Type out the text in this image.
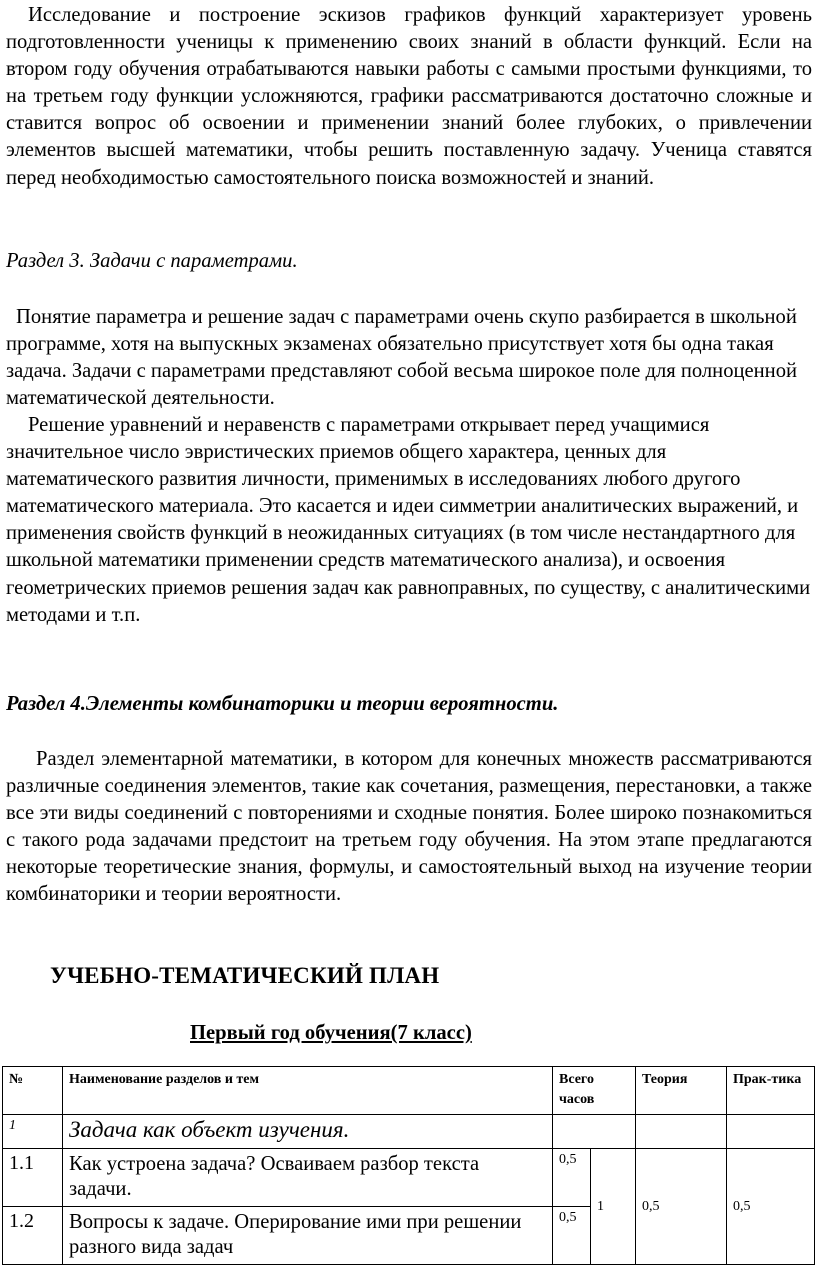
Исследование и построение эскизов графиков функций характеризует уровень подготовленности ученицы к применению своих знаний в области функций. Если на втором году обучения отрабатываются навыки работы с самыми простыми функциями, то на третьем году функции усложняются, графики рассматриваются достаточно сложные и ставится вопрос об освоении и применении знаний более глубоких, о привлечении элементов высшей математики, чтобы решить поставленную задачу. Ученица ставятся перед необходимостью самостоятельного поиска возможностей и знаний.

Раздел 3. Задачи с параметрами.

Понятие параметра и решение задач с параметрами очень скупо разбирается в школьной программе, хотя на выпускных экзаменах обязательно присутствует хотя бы одна такая задача. Задачи с параметрами представляют собой весьма широкое поле для полноценной математической деятельности.

Решение уравнений и неравенств с параметрами открывает перед учащимися значительное число эвристических приемов общего характера, ценных для математического развития личности, применимых в исследованиях любого другого математического материала. Это касается и идеи симметрии аналитических выражений, и применения свойств функций в неожиданных ситуациях (в том числе нестандартного для школьной математики применении средств математического анализа), и освоения геометрических приемов решения задач как равноправных, по существу, с аналитическими методами и т.п.

Раздел 4.Элементы комбинаторики и теории вероятности.

Раздел элементарной математики, в котором для конечных множеств рассматриваются различные соединения элементов, такие как сочетания, размещения, перестановки, а также все эти виды соединений с повторениями и сходные понятия. Более широко познакомиться с такого рода задачами предстоит на третьем году обучения. На этом этапе предлагаются некоторые теоретические знания, формулы, и самостоятельный выход на изучение теории комбинаторики и теории вероятности.

УЧЕБНО-ТЕМАТИЧЕСКИЙ ПЛАН

Первый год обучения(7 класс)

№	Наименование разделов и тем	Всего часов		Теория	Прак-тика
1	Задача как объект изучения.				
1.1	Как устроена задача? Осваиваем разбор текста задачи.	0,5	1	0,5	0,5
1.2	Вопросы к задаче. Оперирование ими при решении разного вида задач	0,5			
